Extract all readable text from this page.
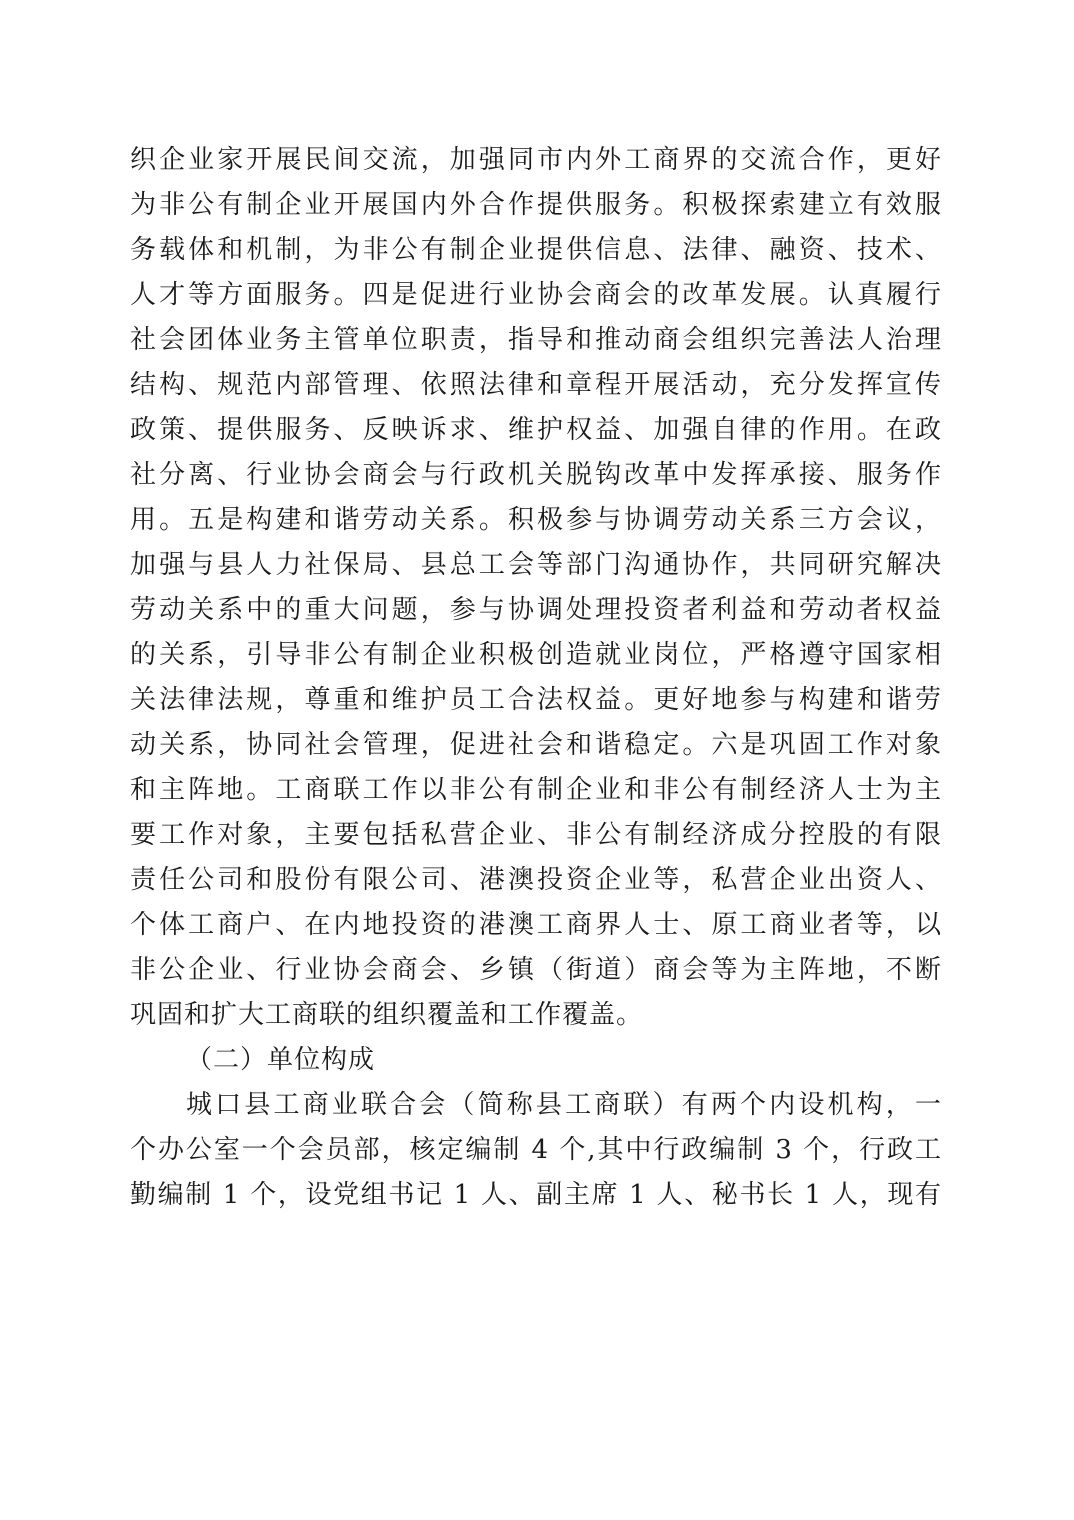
织企业家开展民间交流，加强同市内外工商界的交流合作，更好
为非公有制企业开展国内外合作提供服务。积极探索建立有效服
务载体和机制，为非公有制企业提供信息、法律、融资、技术、
人才等方面服务。四是促进行业协会商会的改革发展。认真履行
社会团体业务主管单位职责，指导和推动商会组织完善法人治理
结构、规范内部管理、依照法律和章程开展活动，充分发挥宣传
政策、提供服务、反映诉求、维护权益、加强自律的作用。在政
社分离、行业协会商会与行政机关脱钩改革中发挥承接、服务作
用。五是构建和谐劳动关系。积极参与协调劳动关系三方会议，
加强与县人力社保局、县总工会等部门沟通协作，共同研究解决
劳动关系中的重大问题，参与协调处理投资者利益和劳动者权益
的关系，引导非公有制企业积极创造就业岗位，严格遵守国家相
关法律法规，尊重和维护员工合法权益。更好地参与构建和谐劳
动关系，协同社会管理，促进社会和谐稳定。六是巩固工作对象
和主阵地。工商联工作以非公有制企业和非公有制经济人士为主
要工作对象，主要包括私营企业、非公有制经济成分控股的有限
责任公司和股份有限公司、港澳投资企业等，私营企业出资人、
个体工商户、在内地投资的港澳工商界人士、原工商业者等，以
非公企业、行业协会商会、乡镇（街道）商会等为主阵地，不断
巩固和扩大工商联的组织覆盖和工作覆盖。
（二）单位构成
城口县工商业联合会（简称县工商联）有两个内设机构，一
个办公室一个会员部，核定编制 4 个,其中行政编制 3 个，行政工
勤编制 1 个，设党组书记 1 人、副主席 1 人、秘书长 1 人，现有
